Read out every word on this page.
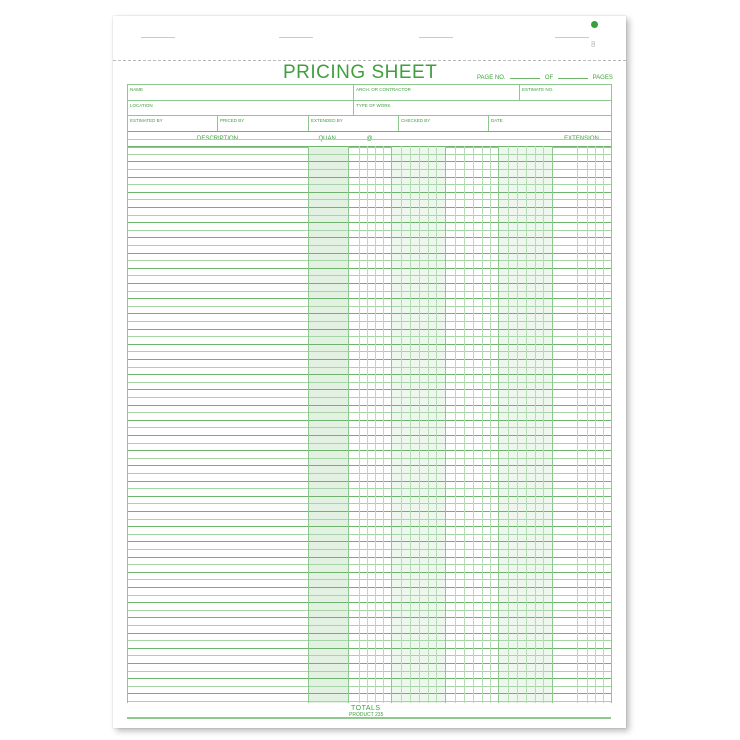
8
PRICING SHEET	PAGE NO.	OF	PAGES
NAME	ARCH. OR CONTRACTOR	ESTIMATE NO.
LOCATION	TYPE OF WORK
ESTIMATED BY	PRICED BY	EXTENDED BY	CHECKED BY	DATE
DESCRIPTION	QUAN.	@	EXTENSION
TOTALS
PRODUCT 235
